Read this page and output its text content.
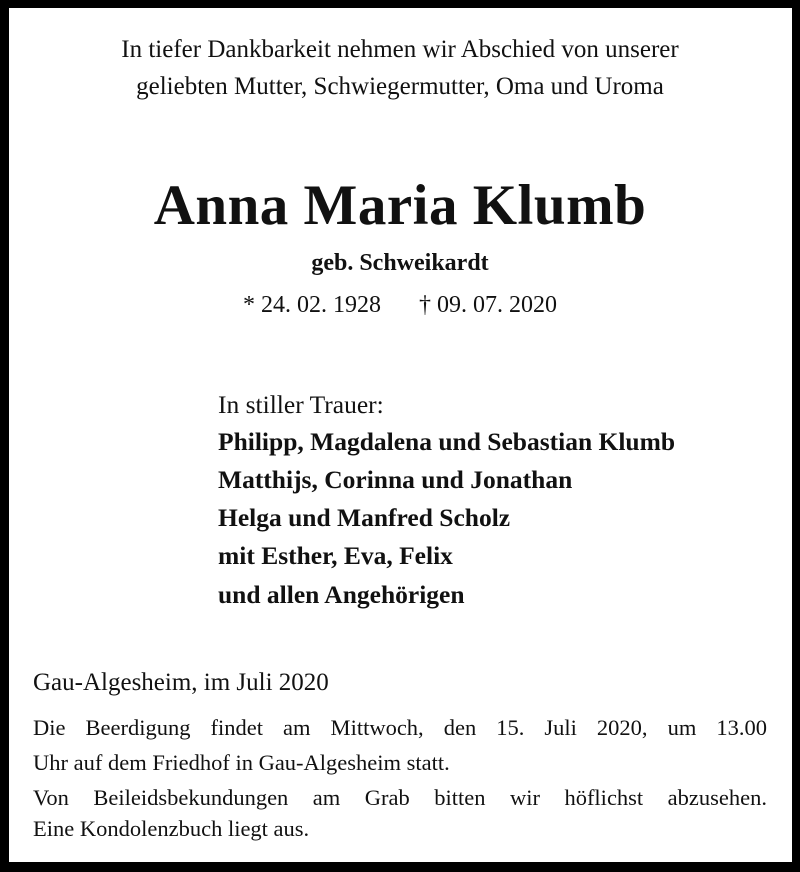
In tiefer Dankbarkeit nehmen wir Abschied von unserer
geliebten Mutter, Schwiegermutter, Oma und Uroma
Anna Maria Klumb
geb. Schweikardt
* 24. 02. 1928 † 09. 07. 2020
In stiller Trauer:
Philipp, Magdalena und Sebastian Klumb
Matthijs, Corinna und Jonathan
Helga und Manfred Scholz
mit Esther, Eva, Felix
und allen Angehörigen
Gau-Algesheim, im Juli 2020
Die Beerdigung findet am Mittwoch, den 15. Juli 2020, um 13.00
Uhr auf dem Friedhof in Gau-Algesheim statt.
Von Beileidsbekundungen am Grab bitten wir höflichst abzusehen.
Eine Kondolenzbuch liegt aus.
